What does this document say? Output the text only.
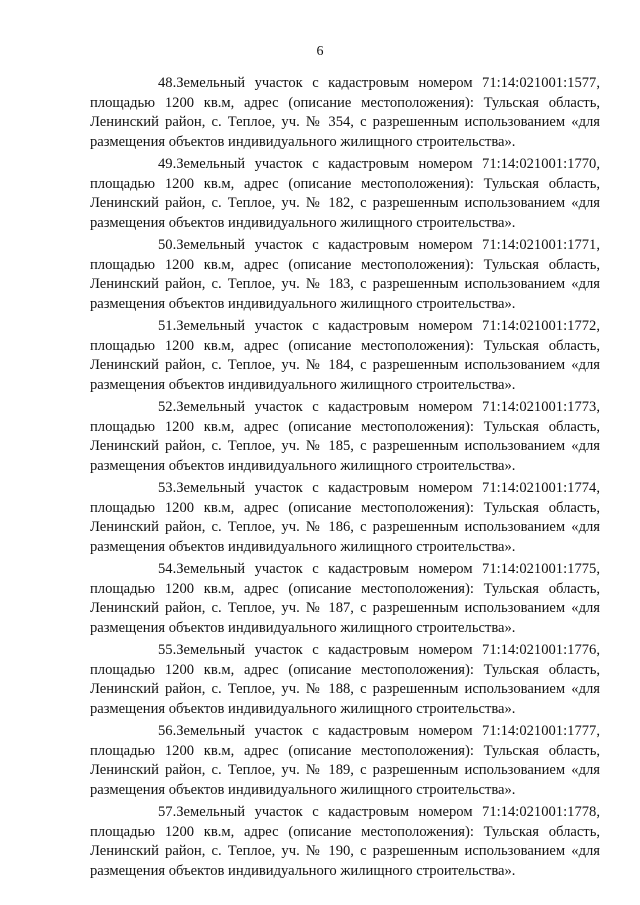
6

48.Земельный участок с кадастровым номером 71:14:021001:1577, площадью 1200 кв.м, адрес (описание местоположения): Тульская область, Ленинский район, с. Теплое, уч. № 354, с разрешенным использованием «для размещения объектов индивидуального жилищного строительства».

49.Земельный участок с кадастровым номером 71:14:021001:1770, площадью 1200 кв.м, адрес (описание местоположения): Тульская область, Ленинский район, с. Теплое, уч. № 182, с разрешенным использованием «для размещения объектов индивидуального жилищного строительства».

50.Земельный участок с кадастровым номером 71:14:021001:1771, площадью 1200 кв.м, адрес (описание местоположения): Тульская область, Ленинский район, с. Теплое, уч. № 183, с разрешенным использованием «для размещения объектов индивидуального жилищного строительства».

51.Земельный участок с кадастровым номером 71:14:021001:1772, площадью 1200 кв.м, адрес (описание местоположения): Тульская область, Ленинский район, с. Теплое, уч. № 184, с разрешенным использованием «для размещения объектов индивидуального жилищного строительства».

52.Земельный участок с кадастровым номером 71:14:021001:1773, площадью 1200 кв.м, адрес (описание местоположения): Тульская область, Ленинский район, с. Теплое, уч. № 185, с разрешенным использованием «для размещения объектов индивидуального жилищного строительства».

53.Земельный участок с кадастровым номером 71:14:021001:1774, площадью 1200 кв.м, адрес (описание местоположения): Тульская область, Ленинский район, с. Теплое, уч. № 186, с разрешенным использованием «для размещения объектов индивидуального жилищного строительства».

54.Земельный участок с кадастровым номером 71:14:021001:1775, площадью 1200 кв.м, адрес (описание местоположения): Тульская область, Ленинский район, с. Теплое, уч. № 187, с разрешенным использованием «для размещения объектов индивидуального жилищного строительства».

55.Земельный участок с кадастровым номером 71:14:021001:1776, площадью 1200 кв.м, адрес (описание местоположения): Тульская область, Ленинский район, с. Теплое, уч. № 188, с разрешенным использованием «для размещения объектов индивидуального жилищного строительства».

56.Земельный участок с кадастровым номером 71:14:021001:1777, площадью 1200 кв.м, адрес (описание местоположения): Тульская область, Ленинский район, с. Теплое, уч. № 189, с разрешенным использованием «для размещения объектов индивидуального жилищного строительства».

57.Земельный участок с кадастровым номером 71:14:021001:1778, площадью 1200 кв.м, адрес (описание местоположения): Тульская область, Ленинский район, с. Теплое, уч. № 190, с разрешенным использованием «для размещения объектов индивидуального жилищного строительства».
